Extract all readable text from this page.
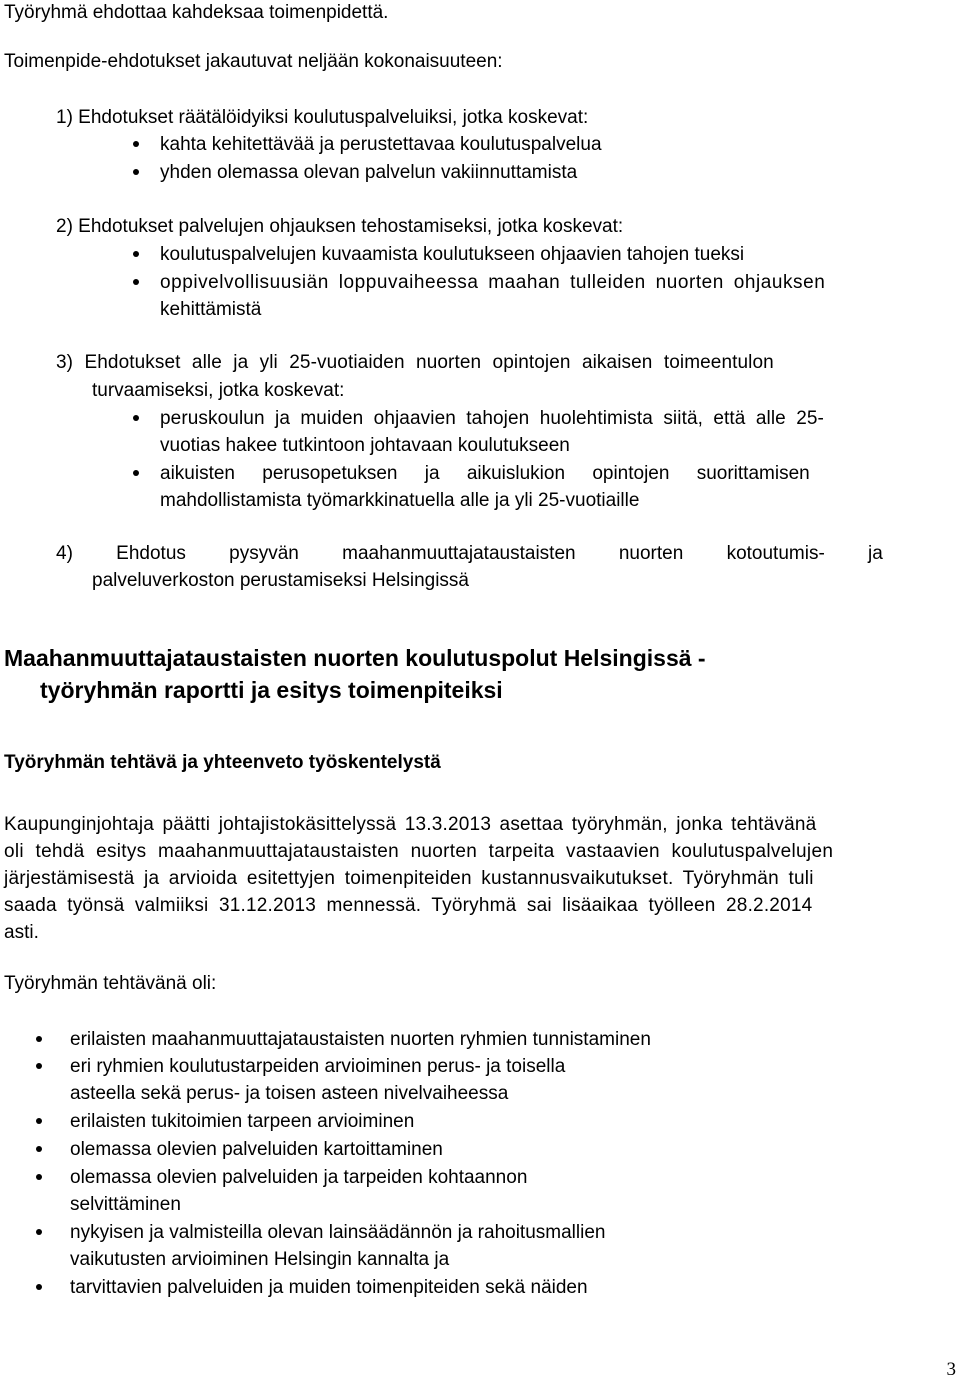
Työryhmä ehdottaa kahdeksaa toimenpidettä.
Toimenpide-ehdotukset jakautuvat neljään kokonaisuuteen:
1) Ehdotukset räätälöidyiksi koulutuspalveluiksi, jotka koskevat:
kahta kehitettävää ja perustettavaa koulutuspalvelua
yhden olemassa olevan palvelun vakiinnuttamista
2) Ehdotukset palvelujen ohjauksen tehostamiseksi, jotka koskevat:
koulutuspalvelujen kuvaamista koulutukseen ohjaavien tahojen tueksi
oppivelvollisuusiän loppuvaiheessa maahan tulleiden nuorten ohjauksen
kehittämistä
3) Ehdotukset alle ja yli 25-vuotiaiden nuorten opintojen aikaisen toimeentulon
turvaamiseksi, jotka koskevat:
peruskoulun ja muiden ohjaavien tahojen huolehtimista siitä, että alle 25-
vuotias hakee tutkintoon johtavaan koulutukseen
aikuisten perusopetuksen ja aikuislukion opintojen suorittamisen
mahdollistamista työmarkkinatuella alle ja yli 25-vuotiaille
4) Ehdotus pysyvän maahanmuuttajataustaisten nuorten kotoutumis- ja
palveluverkoston perustamiseksi Helsingissä
Maahanmuuttajataustaisten nuorten koulutuspolut Helsingissä -
työryhmän raportti ja esitys toimenpiteiksi
Työryhmän tehtävä ja yhteenveto työskentelystä
Kaupunginjohtaja päätti johtajistokäsittelyssä 13.3.2013 asettaa työryhmän, jonka tehtävänä
oli tehdä esitys maahanmuuttajataustaisten nuorten tarpeita vastaavien koulutuspalvelujen
järjestämisestä ja arvioida esitettyjen toimenpiteiden kustannusvaikutukset. Työryhmän tuli
saada työnsä valmiiksi 31.12.2013 mennessä. Työryhmä sai lisäaikaa työlleen 28.2.2014
asti.
Työryhmän tehtävänä oli:
erilaisten maahanmuuttajataustaisten nuorten ryhmien tunnistaminen
eri ryhmien koulutustarpeiden arvioiminen perus- ja toisella
asteella sekä perus- ja toisen asteen nivelvaiheessa
erilaisten tukitoimien tarpeen arvioiminen
olemassa olevien palveluiden kartoittaminen
olemassa olevien palveluiden ja tarpeiden kohtaannon
selvittäminen
nykyisen ja valmisteilla olevan lainsäädännön ja rahoitusmallien
vaikutusten arvioiminen Helsingin kannalta ja
tarvittavien palveluiden ja muiden toimenpiteiden sekä näiden
3
